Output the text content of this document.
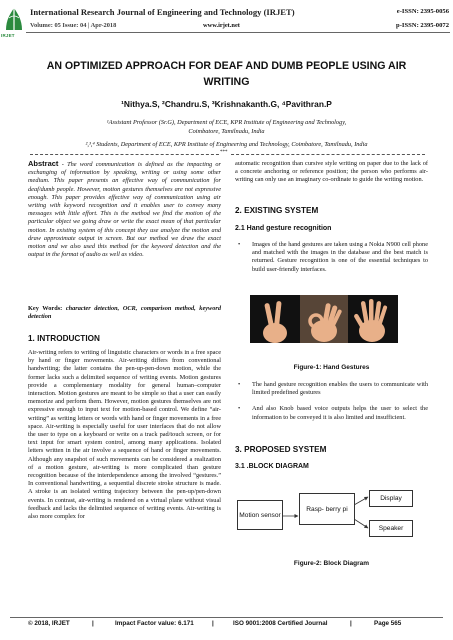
IRJET
International Research Journal of Engineering and Technology (IRJET)
Volume: 05 Issue: 04 | Apr-2018	www.irjet.net
e-ISSN: 2395-0056
p-ISSN: 2395-0072
AN OPTIMIZED APPROACH FOR DEAF AND DUMB PEOPLE USING AIR WRITING
¹Nithya.S, ²Chandru.S, ³Krishnakanth.G, ⁴Pavithran.P
¹Assistant Professor (Sr.G), Department of ECE, KPR Institute of Engineering and Technology,
Coimbatore, Tamilnadu, India
²,³,⁴ Students, Department of ECE, KPR Institute of Engineering and Technology, Coimbatore, Tamilnadu, India
***
Abstract - The word communication is defined as the impacting or exchanging of information by speaking, writing or using some other medium. This paper presents an effective way of communication for deaf/dumb people. However, motion gestures themselves are not expressive enough. This paper provides effective way of communication using air writing with keyword recognition and it enables user to convey many messages with little effort. This is the method we find the motion of the particular object we going draw or write the exact mean of that particular motion. In existing system of this concept they use analyze the motion and draw approximate output in screen. But our method we draw the exact motion and we also used this method for the keyword detection and the output in the format of audio as well as video.
Key Words: character detection, OCR, comparison method, keyword detection
1. INTRODUCTION
Air-writing refers to writing of linguistic characters or words in a free space by hand or finger movements. Air-writing differs from conventional handwriting; the latter contains the pen-up-pen-down motion, while the former lacks such a delimited sequence of writing events. Motion gestures provide a complementary modality for general human–computer interaction. Motion gestures are meant to be simple so that a user can easily memorize and perform them. However, motion gestures themselves are not expressive enough to input text for motion-based control. We define “air-writing” as writing letters or words with hand or finger movements in a free space. Air-writing is especially useful for user interfaces that do not allow the user to type on a keyboard or write on a track pad/touch screen, or for text input for smart system control, among many applications. Isolated letters written in the air involve a sequence of hand or finger movements. Although any snapshot of such movements can be considered a realization of a motion gesture, air-writing is more complicated than gesture recognition because of the interdependence among the involved “gestures.” In conventional handwriting, a sequential discrete stroke structure is made. A stroke is an isolated writing trajectory between the pen-up/pen-down events. In contrast, air-writing is rendered on a virtual plane without visual feedback and lacks the delimited sequence of writing events. Air-writing is also more complex for
automatic recognition than cursive style writing on paper due to the lack of a concrete anchoring or reference position; the person who performs air-writing can only use an imaginary co-ordinate to guide the writing motion.
2. EXISTING SYSTEM
2.1 Hand gesture recognition
• Images of the hand gestures are taken using a Nokia N900 cell phone and matched with the images in the database and the best match is returned. Gesture recognition is one of the essential techniques to build user-friendly interfaces.
Figure-1: Hand Gestures
• The hand gesture recognition enables the users to communicate with limited predefined gestures
• And also Knob based voice outputs helps the user to select the information to be conveyed it is also limited and insufficient.
3. PROPOSED SYSTEM
3.1 .BLOCK DIAGRAM
Motion sensor
Rasp- berry pi
Display
Speaker
Figure-2: Block Diagram
© 2018, IRJET	|	Impact Factor value: 6.171	|	ISO 9001:2008 Certified Journal	|	Page 565
